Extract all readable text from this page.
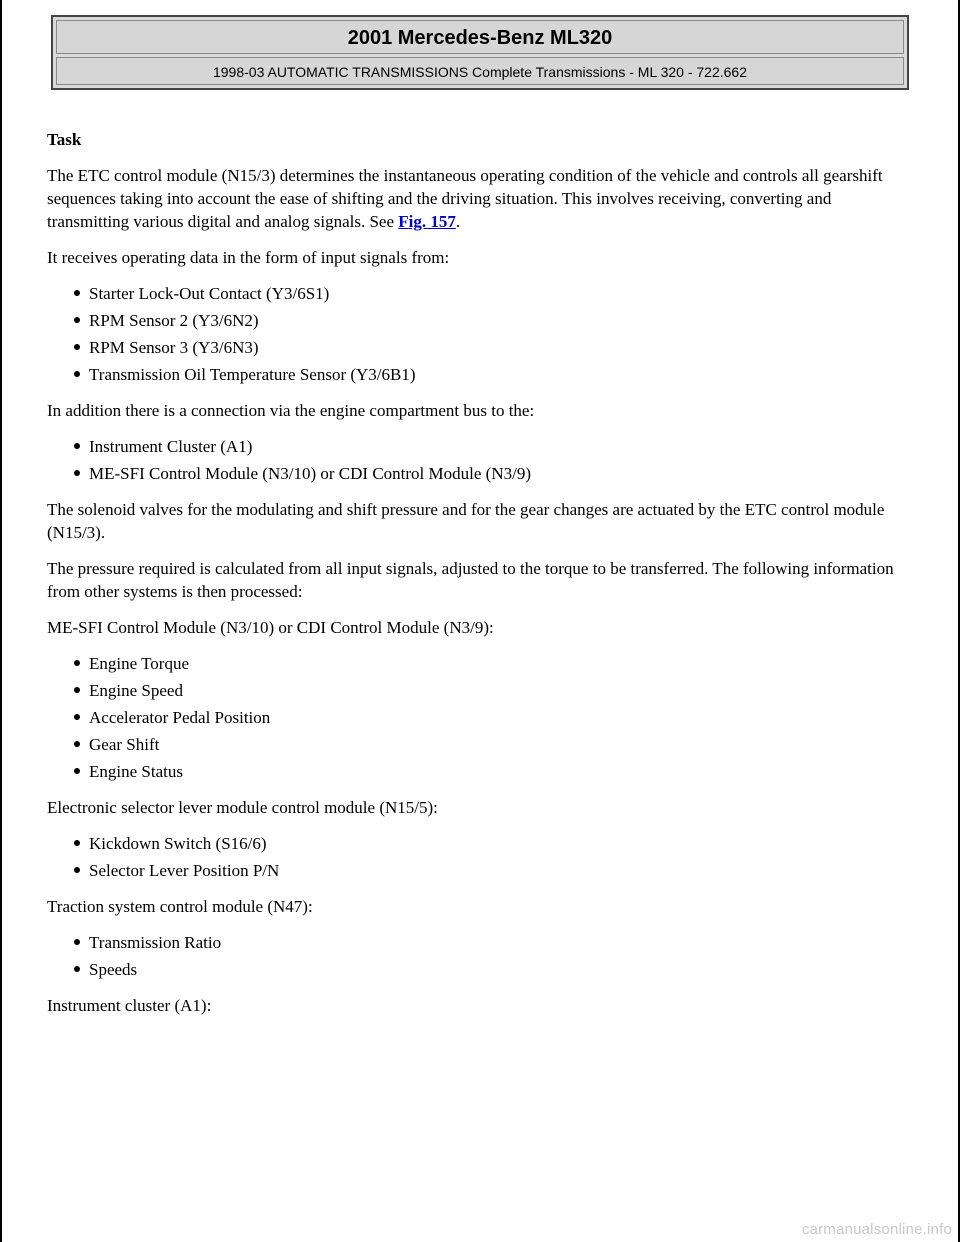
2001 Mercedes-Benz ML320
1998-03 AUTOMATIC TRANSMISSIONS Complete Transmissions - ML 320 - 722.662

Task

The ETC control module (N15/3) determines the instantaneous operating condition of the vehicle and controls all gearshift sequences taking into account the ease of shifting and the driving situation. This involves receiving, converting and transmitting various digital and analog signals. See Fig. 157.

It receives operating data in the form of input signals from:

Starter Lock-Out Contact (Y3/6S1)
RPM Sensor 2 (Y3/6N2)
RPM Sensor 3 (Y3/6N3)
Transmission Oil Temperature Sensor (Y3/6B1)

In addition there is a connection via the engine compartment bus to the:

Instrument Cluster (A1)
ME-SFI Control Module (N3/10) or CDI Control Module (N3/9)

The solenoid valves for the modulating and shift pressure and for the gear changes are actuated by the ETC control module (N15/3).

The pressure required is calculated from all input signals, adjusted to the torque to be transferred. The following information from other systems is then processed:

ME-SFI Control Module (N3/10) or CDI Control Module (N3/9):

Engine Torque
Engine Speed
Accelerator Pedal Position
Gear Shift
Engine Status

Electronic selector lever module control module (N15/5):

Kickdown Switch (S16/6)
Selector Lever Position P/N

Traction system control module (N47):

Transmission Ratio
Speeds

Instrument cluster (A1):

carmanualsonline.info
